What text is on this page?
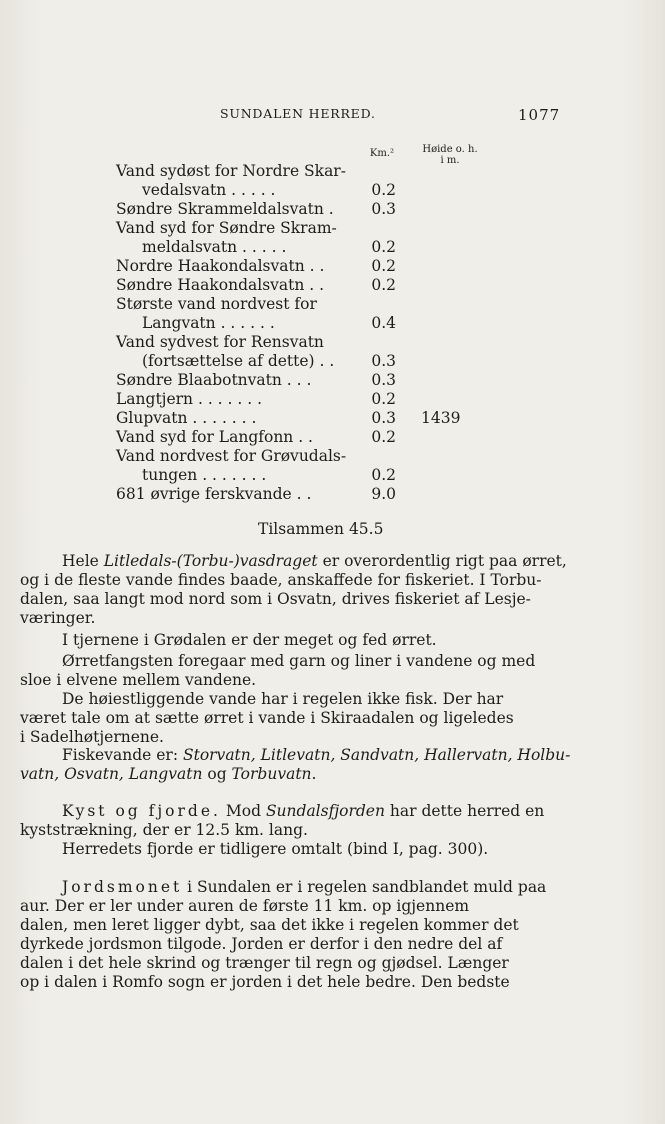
SUNDALEN HERRED.	1077
Km.²	Høide o. h.
i m.
Vand sydøst for Nordre Skar-
vedalsvatn . . . . .	0.2
Søndre Skrammeldalsvatn .	0.3
Vand syd for Søndre Skram-
meldalsvatn . . . . .	0.2
Nordre Haakondalsvatn . .	0.2
Søndre Haakondalsvatn . .	0.2
Største vand nordvest for
Langvatn . . . . . .	0.4
Vand sydvest for Rensvatn
(fortsættelse af dette) . .	0.3
Søndre Blaabotnvatn . . .	0.3
Langtjern . . . . . . .	0.2
Glupvatn . . . . . . .	0.3 1439
Vand syd for Langfonn . .	0.2
Vand nordvest for Grøvudals-
tungen . . . . . . .	0.2
681 øvrige ferskvande . .	9.0
Tilsammen 45.5
Hele Litledals-(Torbu-)vasdraget er overordentlig rigt paa ørret,
og i de fleste vande findes baade, anskaffede for fiskeriet. I Torbu-
dalen, saa langt mod nord som i Osvatn, drives fiskeriet af Lesje-
væringer.
I tjernene i Grødalen er der meget og fed ørret.
Ørretfangsten foregaar med garn og liner i vandene og med
sloe i elvene mellem vandene.
De høiestliggende vande har i regelen ikke fisk. Der har
været tale om at sætte ørret i vande i Skiraadalen og ligeledes
i Sadelhøtjernene.
Fiskevande er: Storvatn, Litlevatn, Sandvatn, Hallervatn, Holbu-
vatn, Osvatn, Langvatn og Torbuvatn.
Kyst og fjorde. Mod Sundalsfjorden har dette herred en
kyststrækning, der er 12.5 km. lang.
Herredets fjorde er tidligere omtalt (bind I, pag. 300).
Jordsmonet i Sundalen er i regelen sandblandet muld paa
aur. Der er ler under auren de første 11 km. op igjennem
dalen, men leret ligger dybt, saa det ikke i regelen kommer det
dyrkede jordsmon tilgode. Jorden er derfor i den nedre del af
dalen i det hele skrind og trænger til regn og gjødsel. Længer
op i dalen i Romfo sogn er jorden i det hele bedre. Den bedste
